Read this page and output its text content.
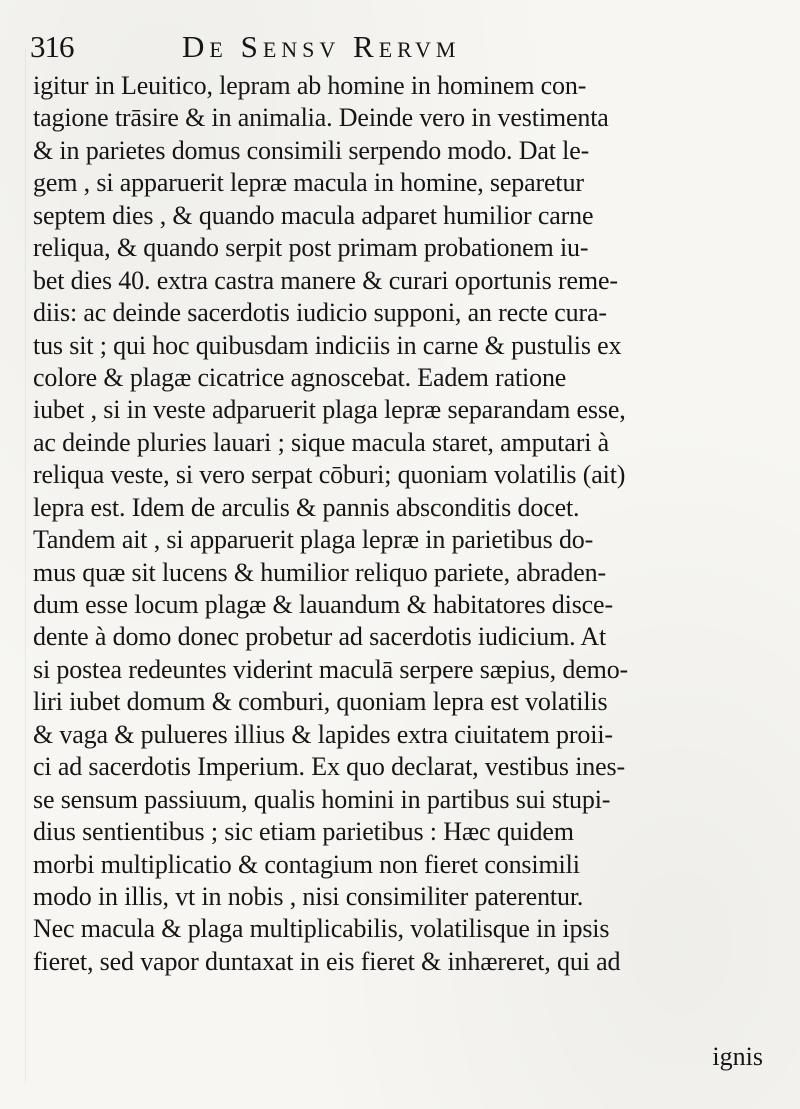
316	De Sensv Rervm
igitur in Leuitico, lepram ab homine in hominem con-
tagione trāsire & in animalia. Deinde vero in vestimenta
& in parietes domus consimili serpendo modo. Dat le-
gem , si apparuerit lepræ macula in homine, separetur
septem dies , & quando macula adparet humilior carne
reliqua, & quando serpit post primam probationem iu-
bet dies 40. extra castra manere & curari oportunis reme-
diis: ac deinde sacerdotis iudicio supponi, an recte cura-
tus sit ; qui hoc quibusdam indiciis in carne & pustulis ex
colore & plagæ cicatrice agnoscebat. Eadem ratione
iubet , si in veste adparuerit plaga lepræ separandam esse,
ac deinde pluries lauari ; sique macula staret, amputari à
reliqua veste, si vero serpat cōburi; quoniam volatilis (ait)
lepra est. Idem de arculis & pannis absconditis docet.
Tandem ait , si apparuerit plaga lepræ in parietibus do-
mus quæ sit lucens & humilior reliquo pariete, abraden-
dum esse locum plagæ & lauandum & habitatores disce-
dente à domo donec probetur ad sacerdotis iudicium. At
si postea redeuntes viderint maculā serpere sæpius, demo-
liri iubet domum & comburi, quoniam lepra est volatilis
& vaga & pulueres illius & lapides extra ciuitatem proii-
ci ad sacerdotis Imperium. Ex quo declarat, vestibus ines-
se sensum passiuum, qualis homini in partibus sui stupi-
dius sentientibus ; sic etiam parietibus : Hæc quidem
morbi multiplicatio & contagium non fieret consimili
modo in illis, vt in nobis , nisi consimiliter paterentur.
Nec macula & plaga multiplicabilis, volatilisque in ipsis
fieret, sed vapor duntaxat in eis fieret & inhæreret, qui ad
ignis
